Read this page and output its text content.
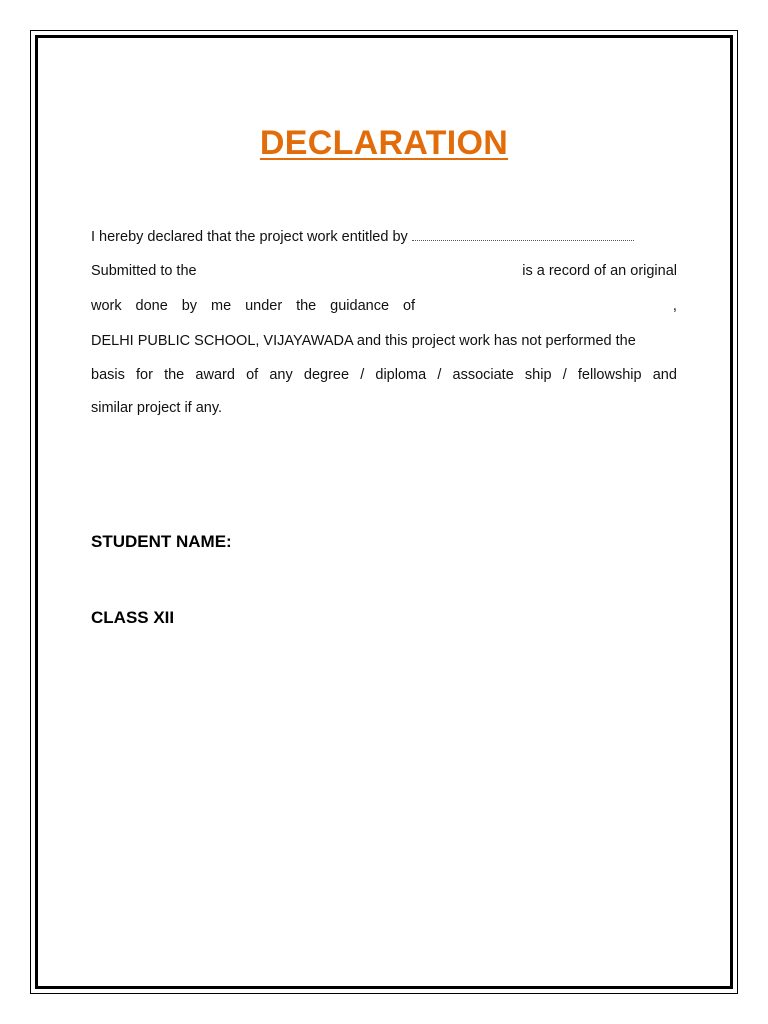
DECLARATION
I hereby declared that the project work entitled by
Submitted to the	is a record of an original
work done by me under the guidance of	,
DELHI PUBLIC SCHOOL, VIJAYAWADA and this project work has not performed the
basis for the award of any degree / diploma / associate ship / fellowship and
similar project if any.
STUDENT NAME:
CLASS XII
